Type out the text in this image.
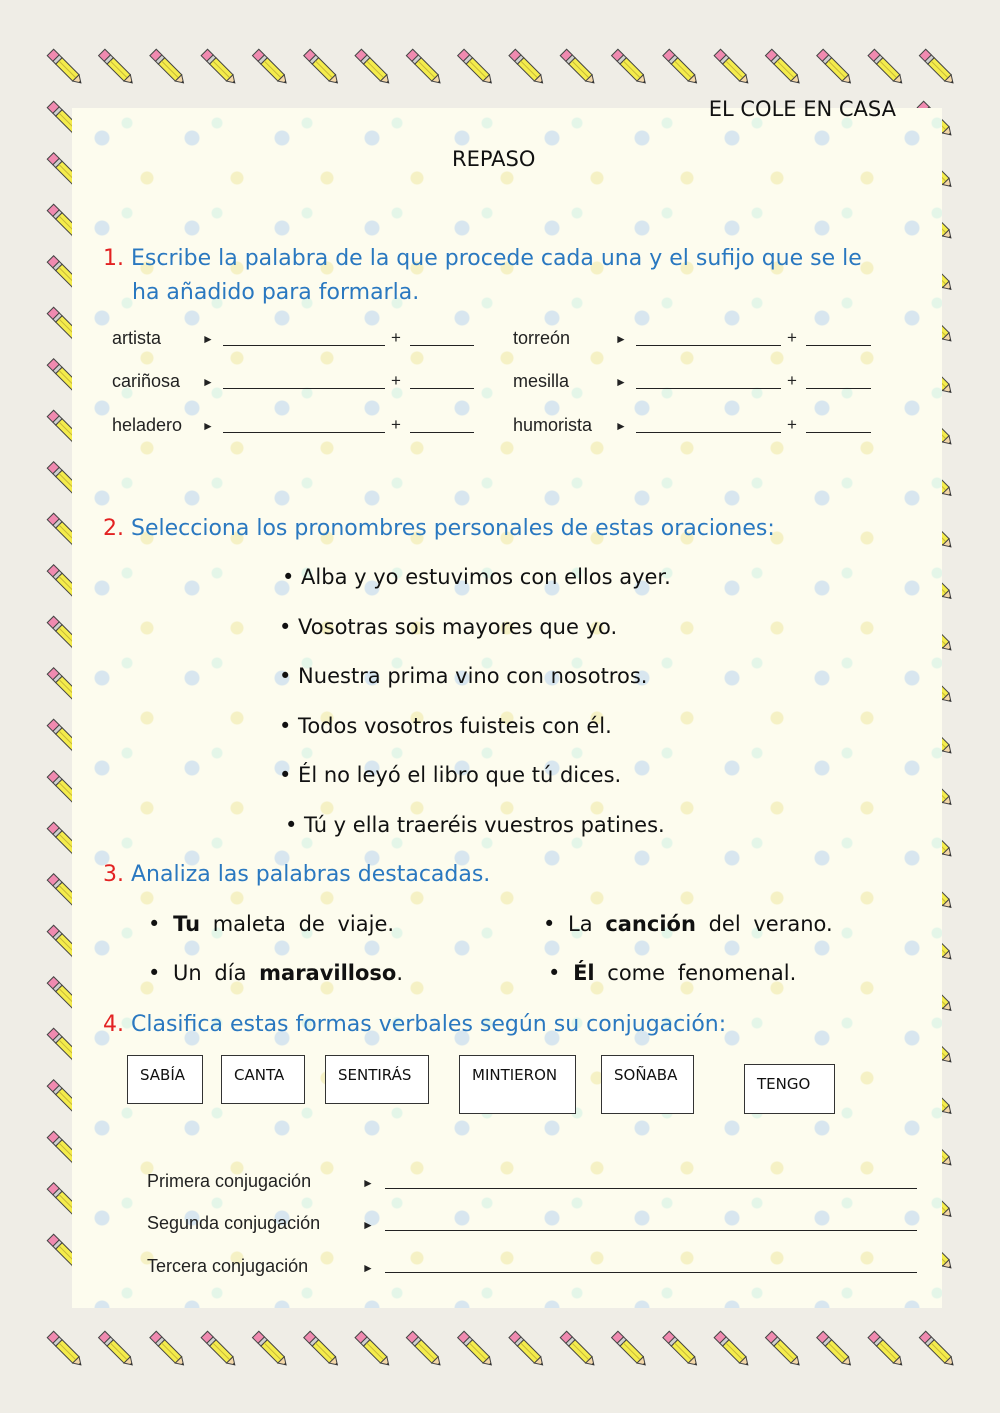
EL COLE EN CASA
REPASO
1. Escribe la palabra de la que procede cada una y el sufijo que se le
ha añadido para formarla.
artista	►	+	torreón	►	+
cariñosa ►	+	mesilla	►	+
heladero ►	+	humorista ►	+
2. Selecciona los pronombres personales de estas oraciones:
• Alba y yo estuvimos con ellos ayer.
• Vosotras sois mayores que yo.
• Nuestra prima vino con nosotros.
• Todos vosotros fuisteis con él.
• Él no leyó el libro que tú dices.
• Tú y ella traeréis vuestros patines.
3. Analiza las palabras destacadas.
• Tu maleta de viaje.	• La canción del verano.
• Un día maravilloso.	• Él come fenomenal.
4. Clasifica estas formas verbales según su conjugación:
SABÍA	CANTA	SENTIRÁS	MINTIERON	SOÑABA	TENGO
Primera conjugación	►
Segunda conjugación	►
Tercera conjugación	►
